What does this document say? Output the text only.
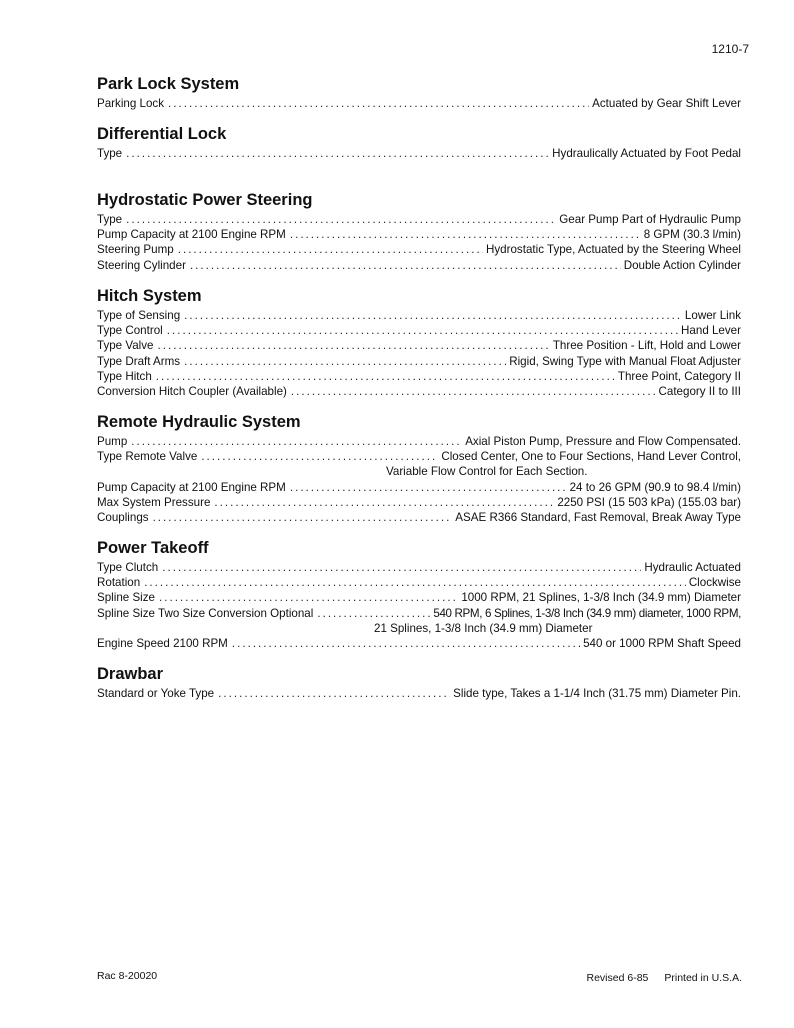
1210-7
Park Lock System
Parking Lock . . .	Actuated by Gear Shift Lever
Differential Lock
Type . . .	Hydraulically Actuated by Foot Pedal
Hydrostatic Power Steering
Type . . .	Gear Pump Part of Hydraulic Pump
Pump Capacity at 2100 Engine RPM . . .	8 GPM (30.3 l/min)
Steering Pump . . .	Hydrostatic Type, Actuated by the Steering Wheel
Steering Cylinder . . .	Double Action Cylinder
Hitch System
Type of Sensing . . .	Lower Link
Type Control . . .	Hand Lever
Type Valve . . .	Three Position - Lift, Hold and Lower
Type Draft Arms . . .	Rigid, Swing Type with Manual Float Adjuster
Type Hitch . . .	Three Point, Category II
Conversion Hitch Coupler (Available) . . .	Category II to III
Remote Hydraulic System
Pump . . .	Axial Piston Pump, Pressure and Flow Compensated.
Type Remote Valve . . .	Closed Center, One to Four Sections, Hand Lever Control,
Variable Flow Control for Each Section.
Pump Capacity at 2100 Engine RPM . . .	24 to 26 GPM (90.9 to 98.4 l/min)
Max System Pressure . . .	2250 PSI (15 503 kPa) (155.03 bar)
Couplings . . .	ASAE R366 Standard, Fast Removal, Break Away Type
Power Takeoff
Type Clutch . . .	Hydraulic Actuated
Rotation . . .	Clockwise
Spline Size . . .	1000 RPM, 21 Splines, 1-3/8 Inch (34.9 mm) Diameter
Spline Size Two Size Conversion Optional . . .	540 RPM, 6 Splines, 1-3/8 Inch (34.9 mm) diameter, 1000 RPM,
21 Splines, 1-3/8 Inch (34.9 mm) Diameter
Engine Speed 2100 RPM . . .	540 or 1000 RPM Shaft Speed
Drawbar
Standard or Yoke Type . . .	Slide type, Takes a 1-1/4 Inch (31.75 mm) Diameter Pin.
Rac 8-20020	Revised 6-85 Printed in U.S.A.
